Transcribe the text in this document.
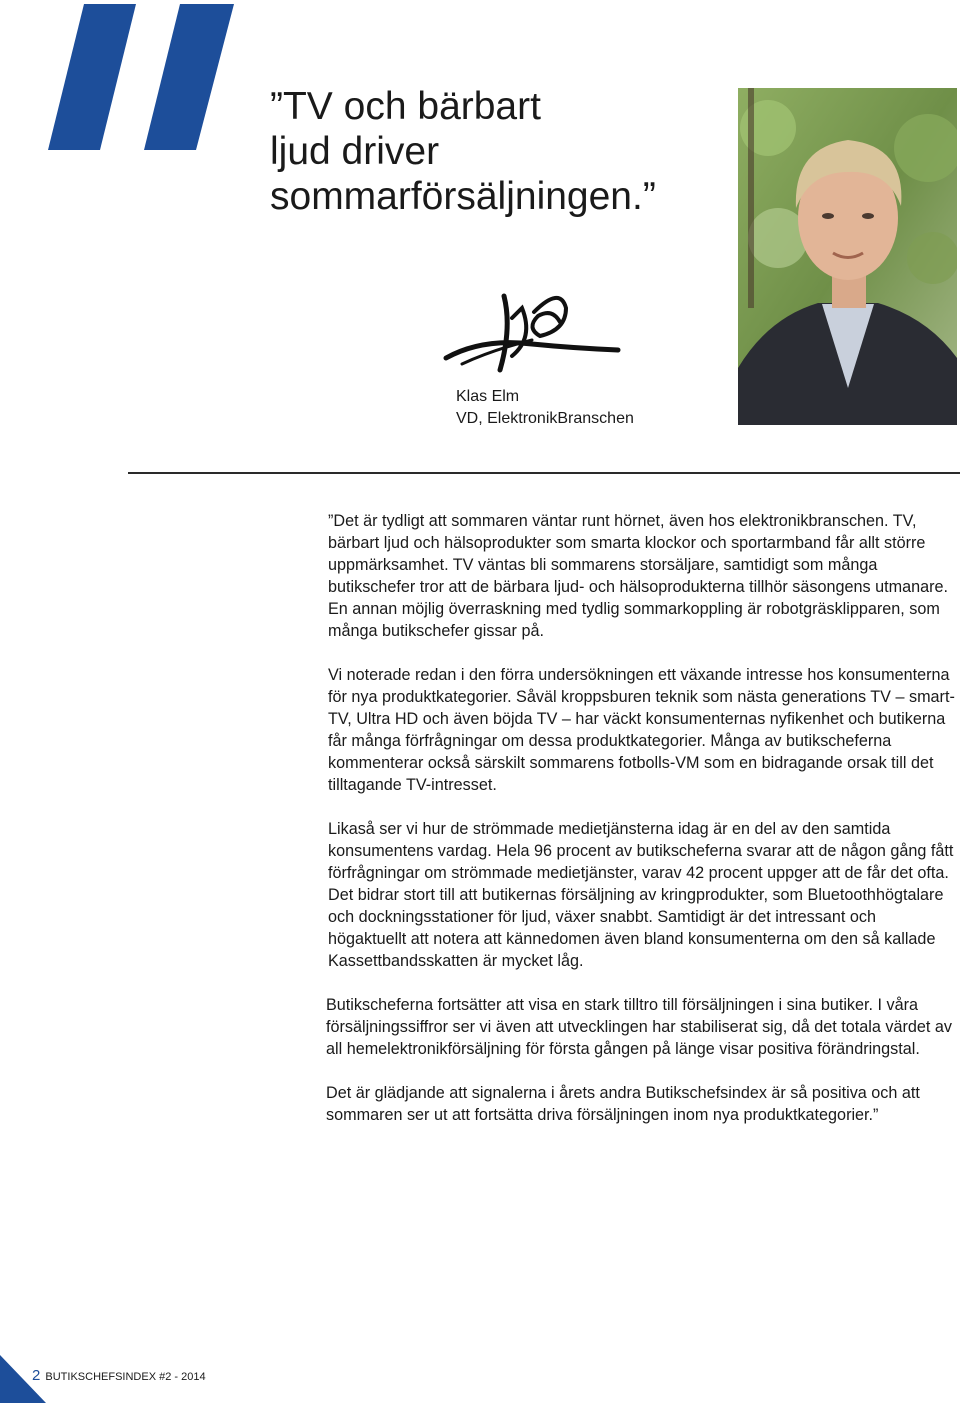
”TV och bärbart
ljud driver
sommarförsäljningen.”
Klas Elm
VD, ElektronikBranschen

”Det är tydligt att sommaren väntar runt hörnet, även hos elektronikbranschen. TV, bärbart ljud och hälsoprodukter som smarta klockor och sportarmband får allt större uppmärksamhet. TV väntas bli sommarens storsäljare, samtidigt som många butikschefer tror att de bärbara ljud- och hälsoprodukterna tillhör säsongens utmanare. En annan möjlig överraskning med tydlig sommarkoppling är robotgräsklipparen, som många butikschefer gissar på.

Vi noterade redan i den förra undersökningen ett växande intresse hos konsumenterna för nya produktkategorier. Såväl kroppsburen teknik som nästa generations TV – smart-TV, Ultra HD och även böjda TV – har väckt konsumenternas nyfikenhet och butikerna får många förfrågningar om dessa produktkategorier. Många av butikscheferna kommenterar också särskilt sommarens fotbolls-VM som en bidragande orsak till det tilltagande TV-intresset.

Likaså ser vi hur de strömmade medietjänsterna idag är en del av den samtida konsumentens vardag. Hela 96 procent av butikscheferna svarar att de någon gång fått förfrågningar om strömmade medietjänster, varav 42 procent uppger att de får det ofta. Det bidrar stort till att butikernas försäljning av kringprodukter, som Bluetoothhögtalare och dockningsstationer för ljud, växer snabbt. Samtidigt är det intressant och högaktuellt att notera att kännedomen även bland konsumenterna om den så kallade Kassettbandsskatten är mycket låg.

Butikscheferna fortsätter att visa en stark tilltro till försäljningen i sina butiker. I våra försäljningssiffror ser vi även att utvecklingen har stabiliserat sig, då det totala värdet av all hemelektronikförsäljning för första gången på länge visar positiva förändringstal.

Det är glädjande att signalerna i årets andra Butikschefsindex är så positiva och att sommaren ser ut att fortsätta driva försäljningen inom nya produktkategorier.”

2 BUTIKSCHEFSINDEX #2 - 2014
